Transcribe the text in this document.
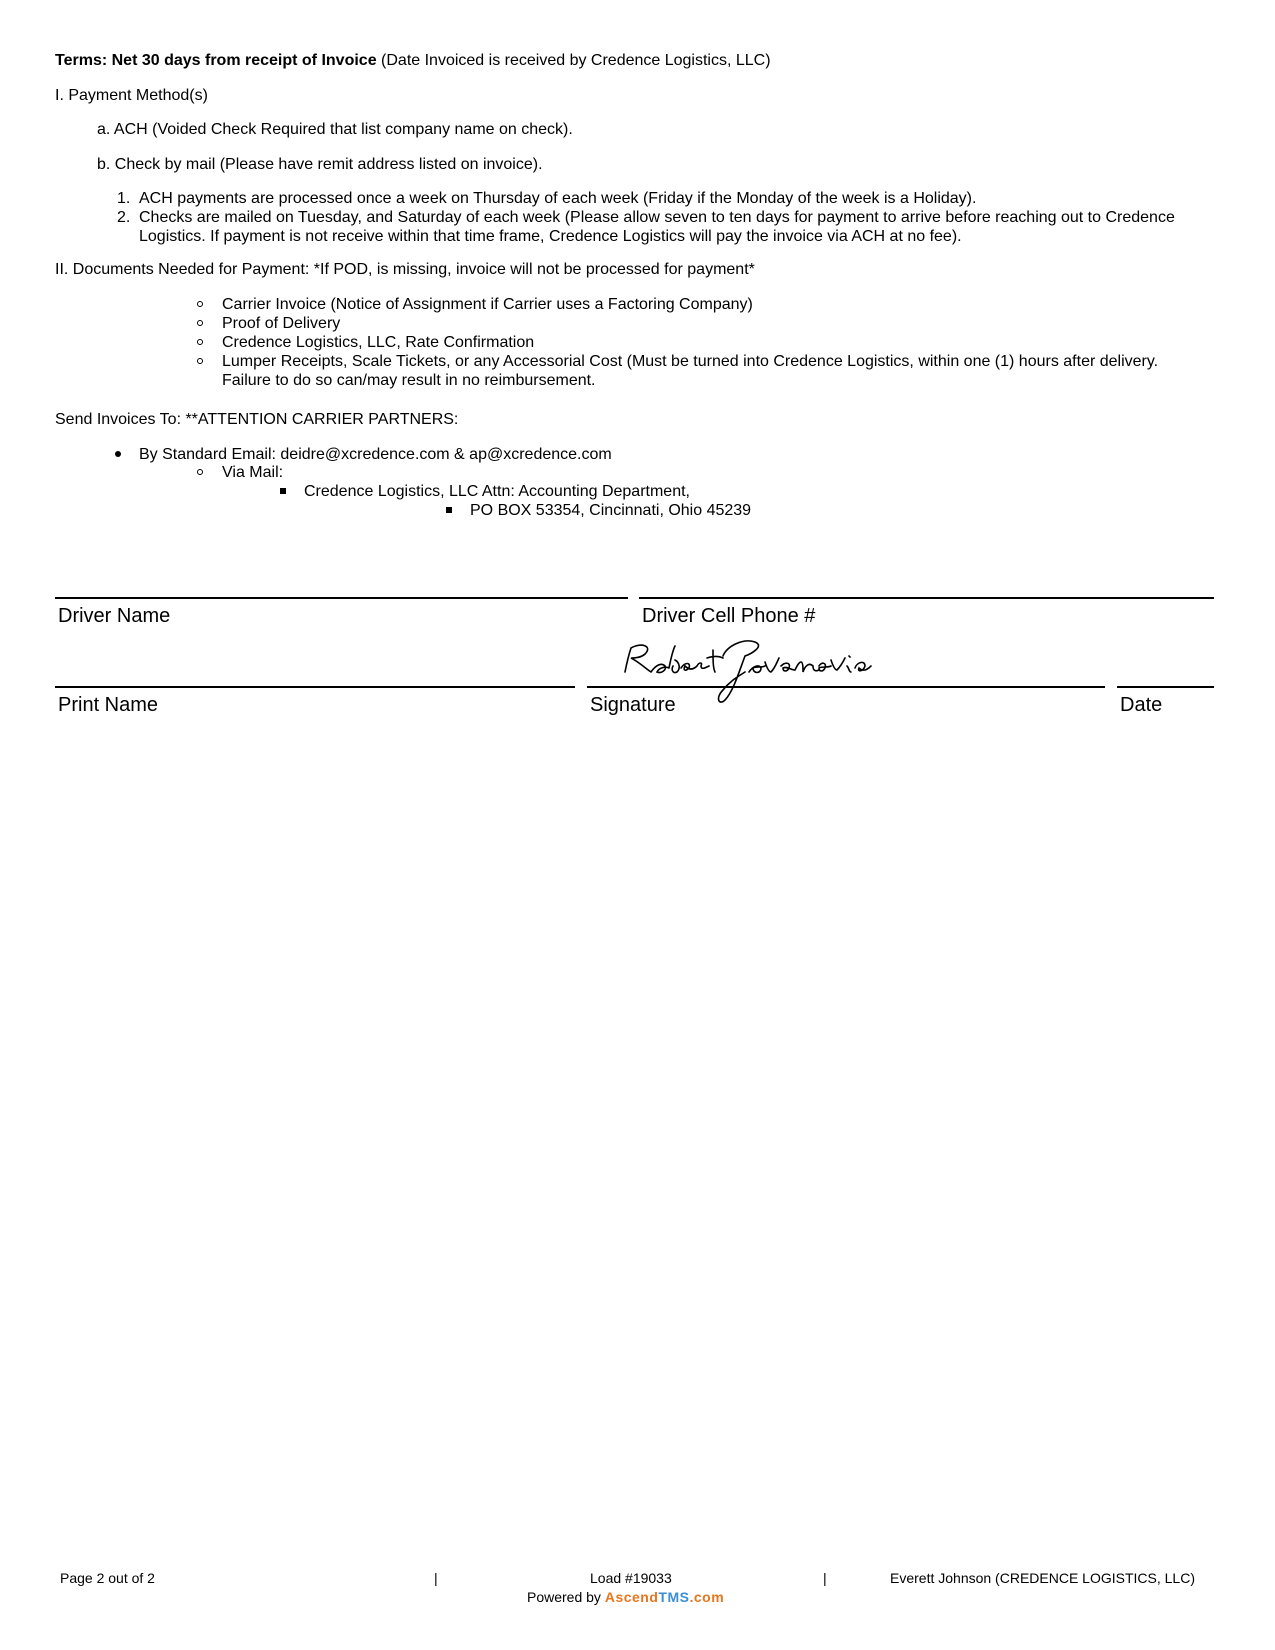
Terms: Net 30 days from receipt of Invoice (Date Invoiced is received by Credence Logistics, LLC)
I. Payment Method(s)
a. ACH (Voided Check Required that list company name on check).
b. Check by mail (Please have remit address listed on invoice).
1. ACH payments are processed once a week on Thursday of each week (Friday if the Monday of the week is a Holiday).
2. Checks are mailed on Tuesday, and Saturday of each week (Please allow seven to ten days for payment to arrive before reaching out to Credence
Logistics. If payment is not receive within that time frame, Credence Logistics will pay the invoice via ACH at no fee).
II. Documents Needed for Payment: *If POD, is missing, invoice will not be processed for payment*
Carrier Invoice (Notice of Assignment if Carrier uses a Factoring Company)
Proof of Delivery
Credence Logistics, LLC, Rate Confirmation
Lumper Receipts, Scale Tickets, or any Accessorial Cost (Must be turned into Credence Logistics, within one (1) hours after delivery.
Failure to do so can/may result in no reimbursement.
Send Invoices To: **ATTENTION CARRIER PARTNERS:
By Standard Email: deidre@xcredence.com & ap@xcredence.com
Via Mail:
Credence Logistics, LLC Attn: Accounting Department,
PO BOX 53354, Cincinnati, Ohio 45239
Driver Name	Driver Cell Phone #
Print Name	Signature	Date
Page 2 out of 2	|	Load #19033	|	Everett Johnson (CREDENCE LOGISTICS, LLC)
Powered by AscendTMS.com
